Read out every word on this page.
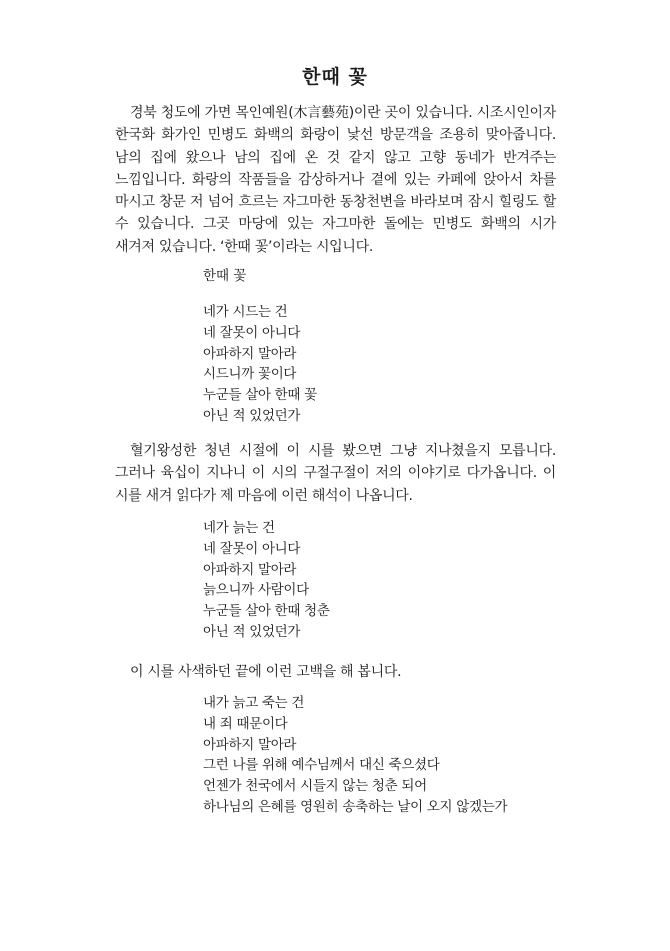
한때 꽃

경북 청도에 가면 목인예원(木言藝苑)이란 곳이 있습니다. 시조시인이자 한국화 화가인 민병도 화백의 화랑이 낯선 방문객을 조용히 맞아줍니다. 남의 집에 왔으나 남의 집에 온 것 같지 않고 고향 동네가 반겨주는 느낌입니다. 화랑의 작품들을 감상하거나 곁에 있는 카페에 앉아서 차를 마시고 창문 저 넘어 흐르는 자그마한 동창천변을 바라보며 잠시 힐링도 할 수 있습니다. 그곳 마당에 있는 자그마한 돌에는 민병도 화백의 시가 새겨져 있습니다. ‘한때 꽃’이라는 시입니다.

한때 꽃

네가 시드는 건
네 잘못이 아니다
아파하지 말아라
시드니까 꽃이다
누군들 살아 한때 꽃
아닌 적 있었던가

혈기왕성한 청년 시절에 이 시를 봤으면 그냥 지나쳤을지 모릅니다. 그러나 육십이 지나니 이 시의 구절구절이 저의 이야기로 다가옵니다. 이 시를 새겨 읽다가 제 마음에 이런 해석이 나옵니다.

네가 늙는 건
네 잘못이 아니다
아파하지 말아라
늙으니까 사람이다
누군들 살아 한때 청춘
아닌 적 있었던가

이 시를 사색하던 끝에 이런 고백을 해 봅니다.

내가 늙고 죽는 건
내 죄 때문이다
아파하지 말아라
그런 나를 위해 예수님께서 대신 죽으셨다
언젠가 천국에서 시들지 않는 청춘 되어
하나님의 은혜를 영원히 송축하는 날이 오지 않겠는가
